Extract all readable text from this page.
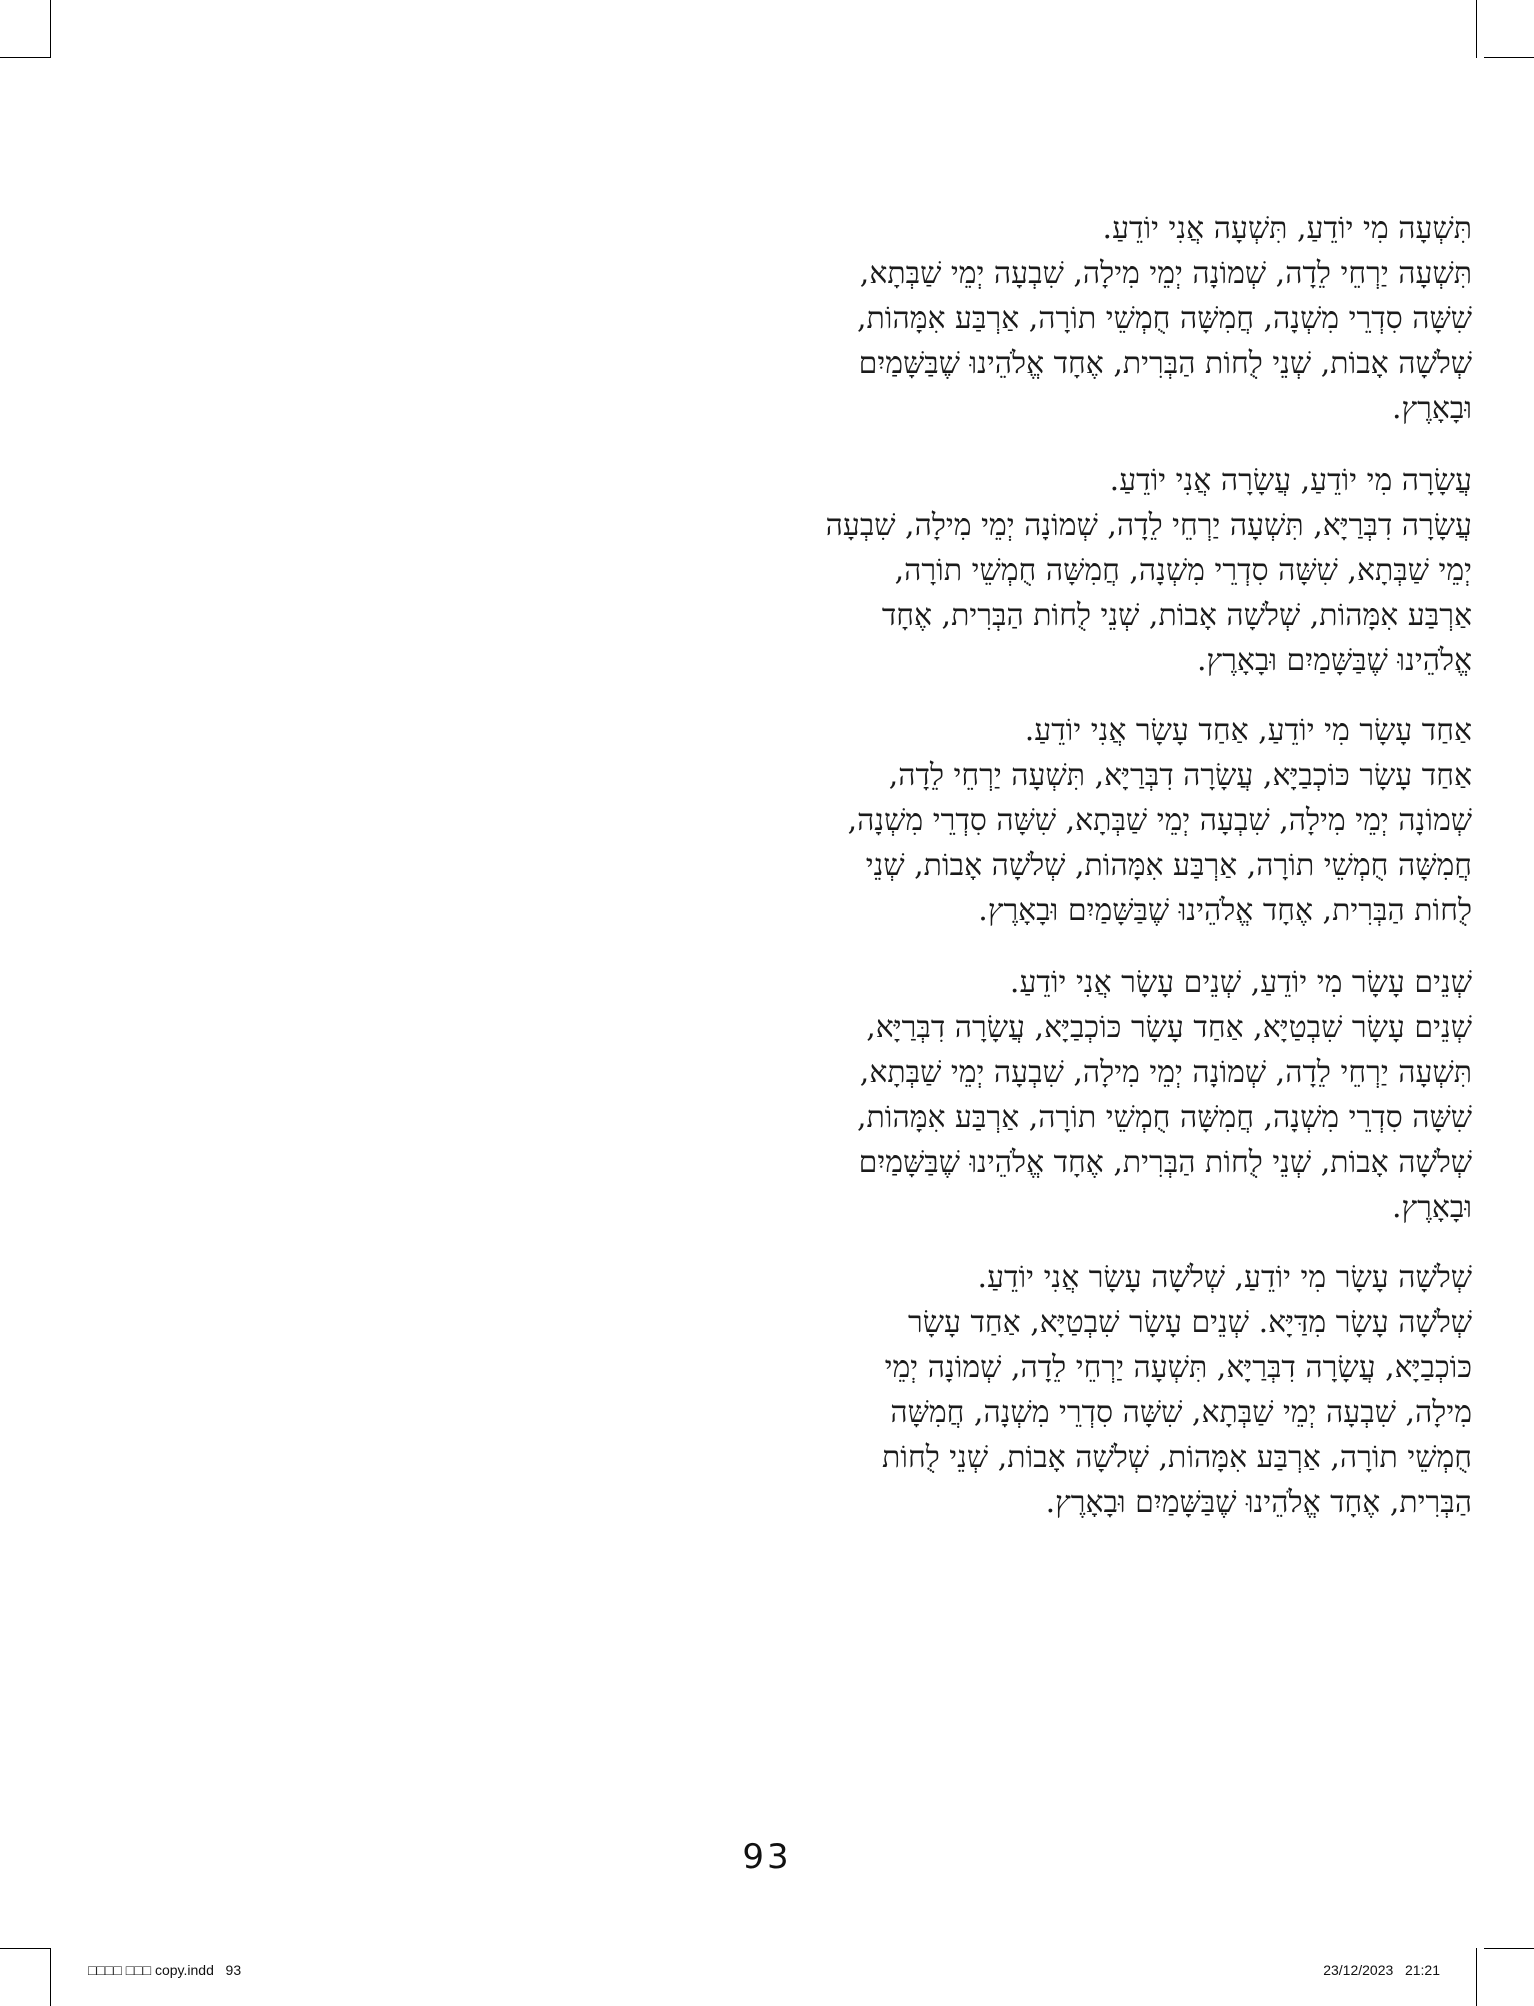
תִּשְׁעָה מִי יוֹדֵעַ, תִּשְׁעָה אֲנִי יוֹדֵעַ.

תִּשְׁעָה יַרְחֵי לֵדָה, שְׁמוֹנָה יְמֵי מִילָה, שִׁבְעָה יְמֵי שַׁבְּתָא,

שִׁשָּׁה סִדְרֵי מִשְׁנָה, חֲמִשָּׁה חֻמְשֵׁי תוֹרָה, אַרְבַּע אִמָּהוֹת,

שְׁלֹשָׁה אָבוֹת, שְׁנֵי לֻחוֹת הַבְּרִית, אֶחָד אֱלֹהֵינוּ שֶׁבַּשָּׁמַיִם

וּבָאָרֶץ.

עֲשָׂרָה מִי יוֹדֵעַ, עֲשָׂרָה אֲנִי יוֹדֵעַ.

עֲשָׂרָה דִבְּרַיָּא, תִּשְׁעָה יַרְחֵי לֵדָה, שְׁמוֹנָה יְמֵי מִילָה, שִׁבְעָה

יְמֵי שַׁבְּתָא, שִׁשָּׁה סִדְרֵי מִשְׁנָה, חֲמִשָּׁה חֻמְשֵׁי תוֹרָה,

אַרְבַּע אִמָּהוֹת, שְׁלֹשָׁה אָבוֹת, שְׁנֵי לֻחוֹת הַבְּרִית, אֶחָד

אֱלֹהֵינוּ שֶׁבַּשָּׁמַיִם וּבָאָרֶץ.

אַחַד עָשָׂר מִי יוֹדֵעַ, אַחַד עָשָׂר אֲנִי יוֹדֵעַ.

אַחַד עָשָׂר כּוֹכְבַיָּא, עֲשָׂרָה דִבְּרַיָּא, תִּשְׁעָה יַרְחֵי לֵדָה,

שְׁמוֹנָה יְמֵי מִילָה, שִׁבְעָה יְמֵי שַׁבְּתָא, שִׁשָּׁה סִדְרֵי מִשְׁנָה,

חֲמִשָּׁה חֻמְשֵׁי תוֹרָה, אַרְבַּע אִמָּהוֹת, שְׁלֹשָׁה אָבוֹת, שְׁנֵי

לֻחוֹת הַבְּרִית, אֶחָד אֱלֹהֵינוּ שֶׁבַּשָּׁמַיִם וּבָאָרֶץ.

שְׁנֵים עָשָׂר מִי יוֹדֵעַ, שְׁנֵים עָשָׂר אֲנִי יוֹדֵעַ.

שְׁנֵים עָשָׂר שִׁבְטַיָּא, אַחַד עָשָׂר כּוֹכְבַיָּא, עֲשָׂרָה דִבְּרַיָּא,

תִּשְׁעָה יַרְחֵי לֵדָה, שְׁמוֹנָה יְמֵי מִילָה, שִׁבְעָה יְמֵי שַׁבְּתָא,

שִׁשָּׁה סִדְרֵי מִשְׁנָה, חֲמִשָּׁה חֻמְשֵׁי תוֹרָה, אַרְבַּע אִמָּהוֹת,

שְׁלֹשָׁה אָבוֹת, שְׁנֵי לֻחוֹת הַבְּרִית, אֶחָד אֱלֹהֵינוּ שֶׁבַּשָּׁמַיִם

וּבָאָרֶץ.

שְׁלֹשָׁה עָשָׂר מִי יוֹדֵעַ, שְׁלֹשָׁה עָשָׂר אֲנִי יוֹדֵעַ.

שְׁלֹשָׁה עָשָׂר מִדַּיָּא. שְׁנֵים עָשָׂר שִׁבְטַיָּא, אַחַד עָשָׂר

כּוֹכְבַיָּא, עֲשָׂרָה דִבְּרַיָּא, תִּשְׁעָה יַרְחֵי לֵדָה, שְׁמוֹנָה יְמֵי

מִילָה, שִׁבְעָה יְמֵי שַׁבְּתָא, שִׁשָּׁה סִדְרֵי מִשְׁנָה, חֲמִשָּׁה

חֻמְשֵׁי תוֹרָה, אַרְבַּע אִמָּהוֹת, שְׁלֹשָׁה אָבוֹת, שְׁנֵי לֻחוֹת

הַבְּרִית, אֶחָד אֱלֹהֵינוּ שֶׁבַּשָּׁמַיִם וּבָאָרֶץ.

93
□□□□ □□□ copy.indd   93	23/12/2023   21:21
